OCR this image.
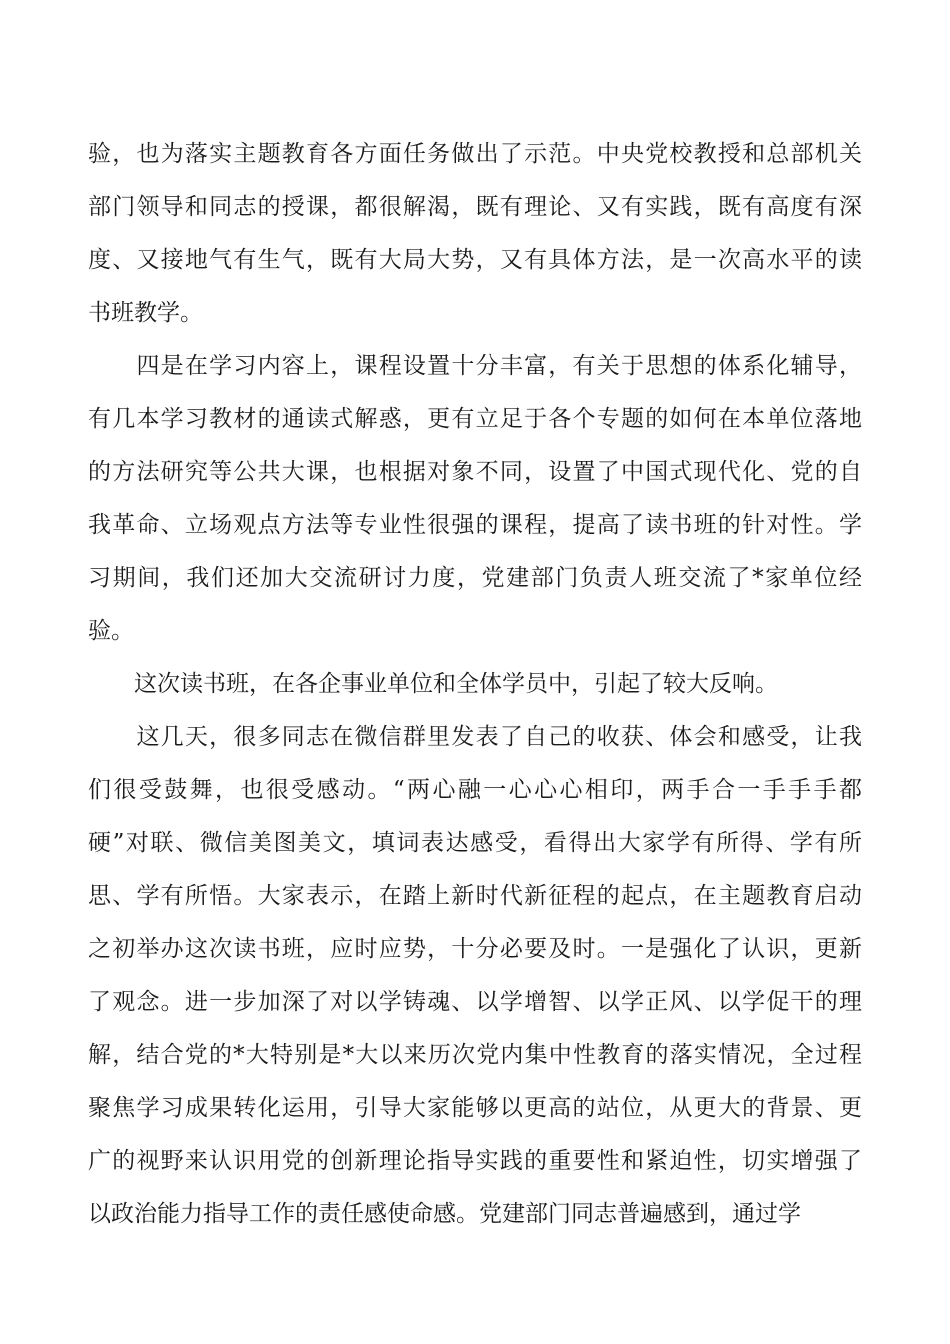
验，也为落实主题教育各方面任务做出了示范。中央党校教授和总部机关
部门领导和同志的授课，都很解渴，既有理论、又有实践，既有高度有深
度、又接地气有生气，既有大局大势，又有具体方法，是一次高水平的读
书班教学。
　　四是在学习内容上，课程设置十分丰富，有关于思想的体系化辅导，
有几本学习教材的通读式解惑，更有立足于各个专题的如何在本单位落地
的方法研究等公共大课，也根据对象不同，设置了中国式现代化、党的自
我革命、立场观点方法等专业性很强的课程，提高了读书班的针对性。学
习期间，我们还加大交流研讨力度，党建部门负责人班交流了*家单位经
验。
　　这次读书班，在各企事业单位和全体学员中，引起了较大反响。
　　这几天，很多同志在微信群里发表了自己的收获、体会和感受，让我
们很受鼓舞，也很受感动。“两心融一心心心相印，两手合一手手手都
硬”对联、微信美图美文，填词表达感受，看得出大家学有所得、学有所
思、学有所悟。大家表示，在踏上新时代新征程的起点，在主题教育启动
之初举办这次读书班，应时应势，十分必要及时。一是强化了认识，更新
了观念。进一步加深了对以学铸魂、以学增智、以学正风、以学促干的理
解，结合党的*大特别是*大以来历次党内集中性教育的落实情况，全过程
聚焦学习成果转化运用，引导大家能够以更高的站位，从更大的背景、更
广的视野来认识用党的创新理论指导实践的重要性和紧迫性，切实增强了
以政治能力指导工作的责任感使命感。党建部门同志普遍感到，通过学
